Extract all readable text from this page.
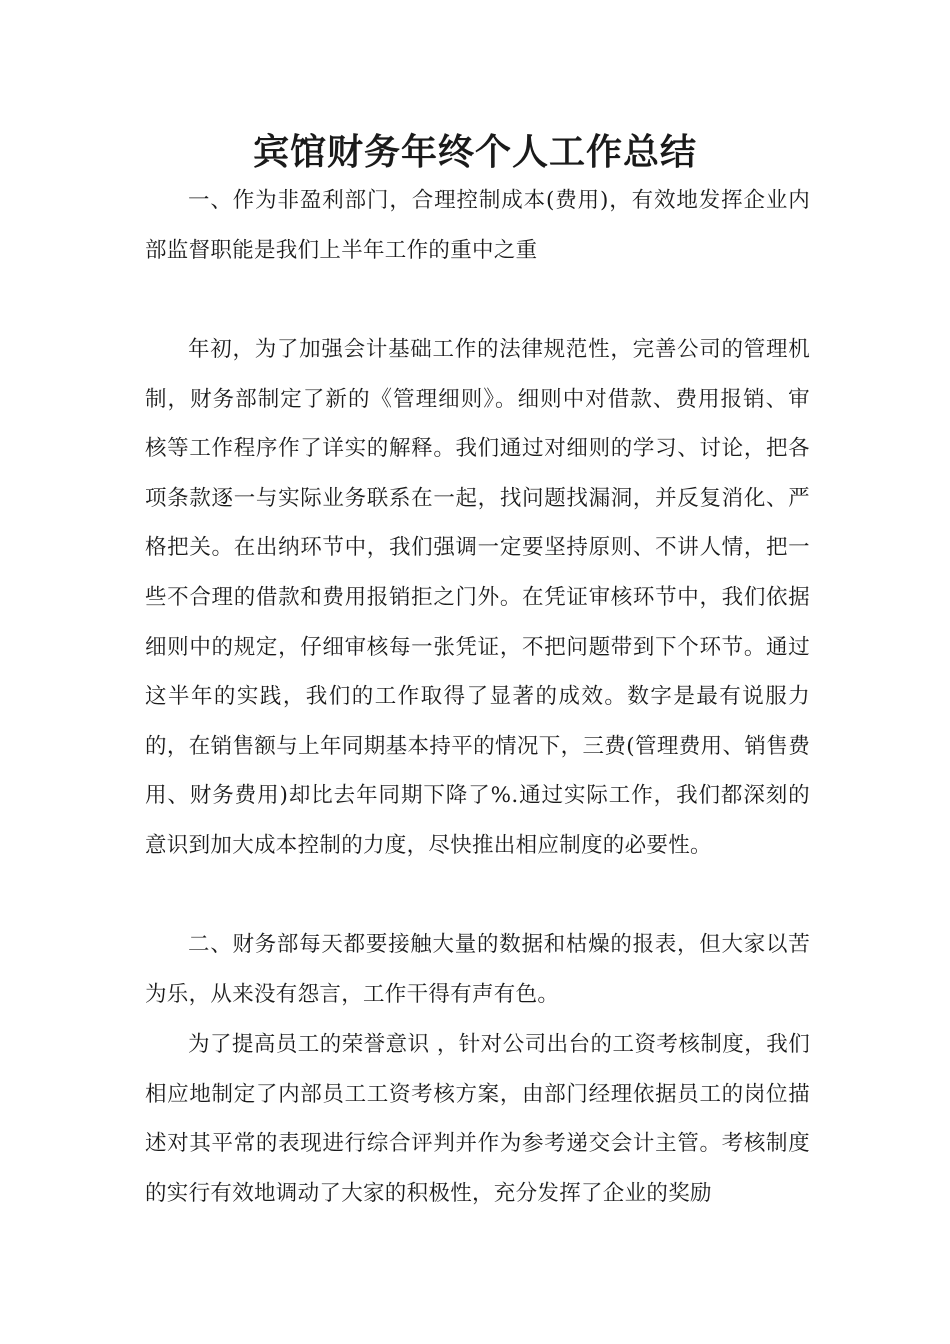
宾馆财务年终个人工作总结

一、作为非盈利部门，合理控制成本(费用)，有效地发挥企业内部监督职能是我们上半年工作的重中之重

年初，为了加强会计基础工作的法律规范性，完善公司的管理机制，财务部制定了新的《管理细则》。细则中对借款、费用报销、审核等工作程序作了详实的解释。我们通过对细则的学习、讨论，把各项条款逐一与实际业务联系在一起，找问题找漏洞，并反复消化、严格把关。在出纳环节中，我们强调一定要坚持原则、不讲人情，把一些不合理的借款和费用报销拒之门外。在凭证审核环节中，我们依据细则中的规定，仔细审核每一张凭证，不把问题带到下个环节。通过这半年的实践，我们的工作取得了显著的成效。数字是最有说服力的，在销售额与上年同期基本持平的情况下，三费(管理费用、销售费用、财务费用)却比去年同期下降了%.通过实际工作，我们都深刻的意识到加大成本控制的力度，尽快推出相应制度的必要性。

二、财务部每天都要接触大量的数据和枯燥的报表，但大家以苦为乐，从来没有怨言，工作干得有声有色。

为了提高员工的荣誉意识 ，针对公司出台的工资考核制度，我们相应地制定了内部员工工资考核方案，由部门经理依据员工的岗位描述对其平常的表现进行综合评判并作为参考递交会计主管。考核制度的实行有效地调动了大家的积极性，充分发挥了企业的奖励
